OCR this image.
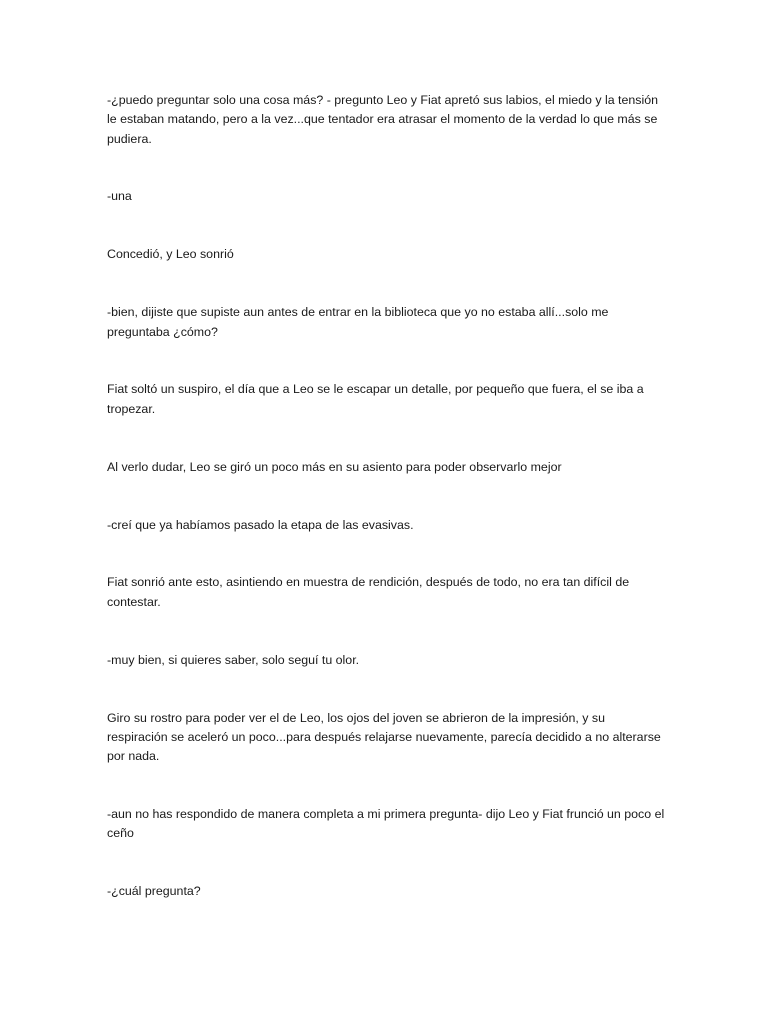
-¿puedo preguntar solo una cosa más? - pregunto Leo y Fiat apretó sus labios, el miedo y la tensión le estaban matando, pero a la vez...que tentador era atrasar el momento de la verdad lo que más se pudiera.

-una

Concedió, y Leo sonrió

-bien, dijiste que supiste aun antes de entrar en la biblioteca que yo no estaba allí...solo me preguntaba ¿cómo?

Fiat soltó un suspiro, el día que a Leo se le escapar un detalle, por pequeño que fuera, el se iba a tropezar.

Al verlo dudar, Leo se giró un poco más en su asiento para poder observarlo mejor

-creí que ya habíamos pasado la etapa de las evasivas.

Fiat sonrió ante esto, asintiendo en muestra de rendición, después de todo, no era tan difícil de contestar.

-muy bien, si quieres saber, solo seguí tu olor.

Giro su rostro para poder ver el de Leo, los ojos del joven se abrieron de la impresión, y su respiración se aceleró un poco...para después relajarse nuevamente, parecía decidido a no alterarse por nada.

-aun no has respondido de manera completa a mi primera pregunta- dijo Leo y Fiat frunció un poco el ceño

-¿cuál pregunta?
